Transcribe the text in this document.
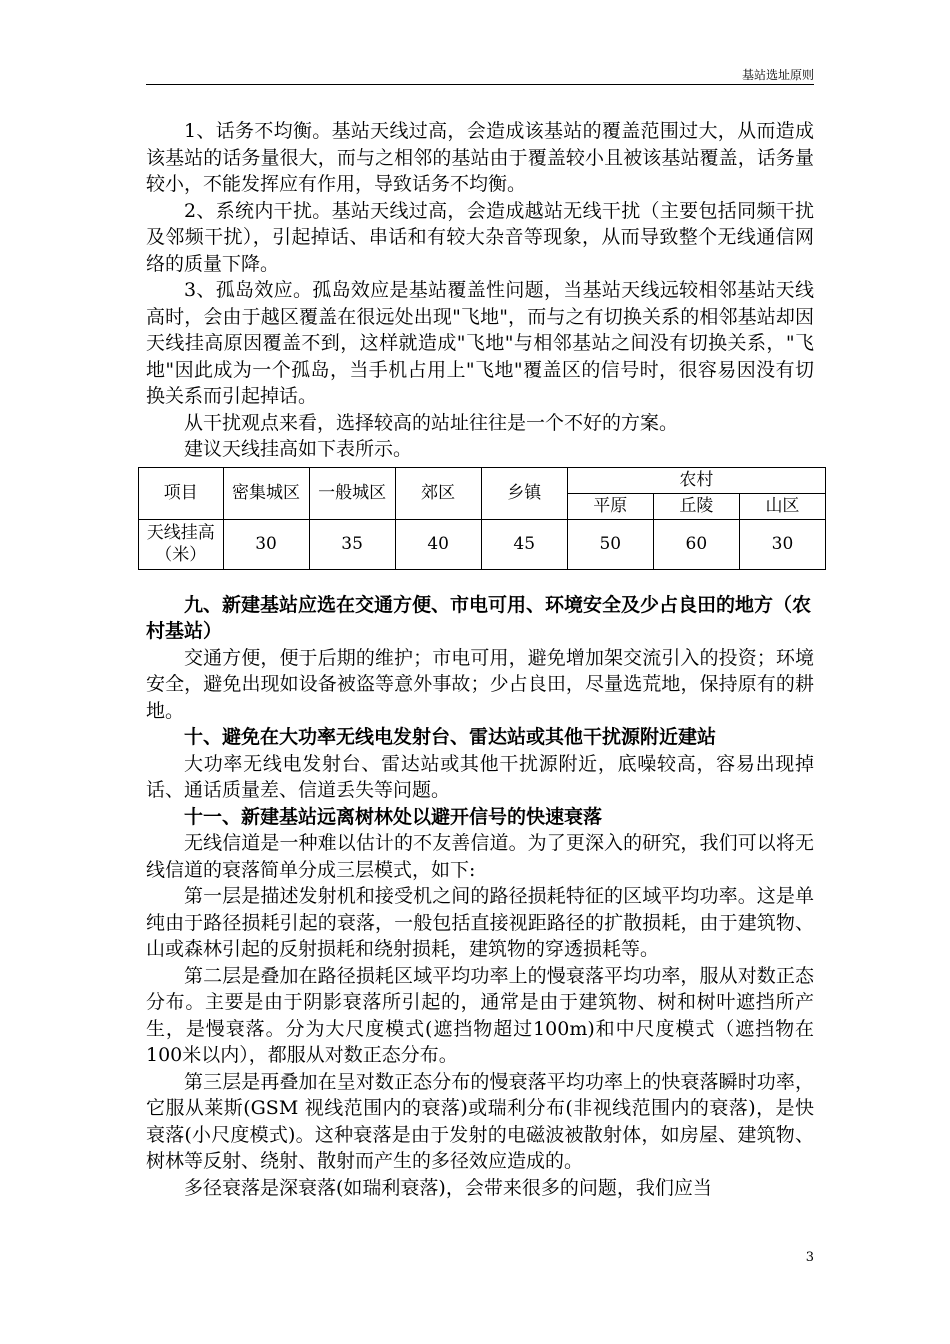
基站选址原则

1、话务不均衡。基站天线过高，会造成该基站的覆盖范围过大，从而造成该基站的话务量很大，而与之相邻的基站由于覆盖较小且被该基站覆盖，话务量较小，不能发挥应有作用，导致话务不均衡。

2、系统内干扰。基站天线过高，会造成越站无线干扰（主要包括同频干扰及邻频干扰），引起掉话、串话和有较大杂音等现象，从而导致整个无线通信网络的质量下降。

3、孤岛效应。孤岛效应是基站覆盖性问题，当基站天线远较相邻基站天线高时，会由于越区覆盖在很远处出现"飞地"，而与之有切换关系的相邻基站却因天线挂高原因覆盖不到，这样就造成"飞地"与相邻基站之间没有切换关系，"飞地"因此成为一个孤岛，当手机占用上"飞地"覆盖区的信号时，很容易因没有切换关系而引起掉话。

从干扰观点来看，选择较高的站址往往是一个不好的方案。

建议天线挂高如下表所示。

项目	密集城区	一般城区	郊区	乡镇	农村		
					平原	丘陵	山区
天线挂高（米）	30	35	40	45	50	60	30
九、新建基站应选在交通方便、市电可用、环境安全及少占良田的地方（农村基站）

交通方便，便于后期的维护；市电可用，避免增加架交流引入的投资；环境安全，避免出现如设备被盗等意外事故；少占良田，尽量选荒地，保持原有的耕地。

十、避免在大功率无线电发射台、雷达站或其他干扰源附近建站

大功率无线电发射台、雷达站或其他干扰源附近，底噪较高，容易出现掉话、通话质量差、信道丢失等问题。

十一、新建基站远离树林处以避开信号的快速衰落

无线信道是一种难以估计的不友善信道。为了更深入的研究，我们可以将无线信道的衰落简单分成三层模式，如下:

第一层是描述发射机和接受机之间的路径损耗特征的区域平均功率。这是单纯由于路径损耗引起的衰落，一般包括直接视距路径的扩散损耗，由于建筑物、山或森林引起的反射损耗和绕射损耗，建筑物的穿透损耗等。

第二层是叠加在路径损耗区域平均功率上的慢衰落平均功率，服从对数正态分布。主要是由于阴影衰落所引起的，通常是由于建筑物、树和树叶遮挡所产生，是慢衰落。分为大尺度模式(遮挡物超过100m)和中尺度模式（遮挡物在100米以内），都服从对数正态分布。

第三层是再叠加在呈对数正态分布的慢衰落平均功率上的快衰落瞬时功率，它服从莱斯(GSM 视线范围内的衰落)或瑞利分布(非视线范围内的衰落)，是快衰落(小尺度模式)。这种衰落是由于发射的电磁波被散射体，如房屋、建筑物、树林等反射、绕射、散射而产生的多径效应造成的。

多径衰落是深衰落(如瑞利衰落)，会带来很多的问题，我们应当

3
